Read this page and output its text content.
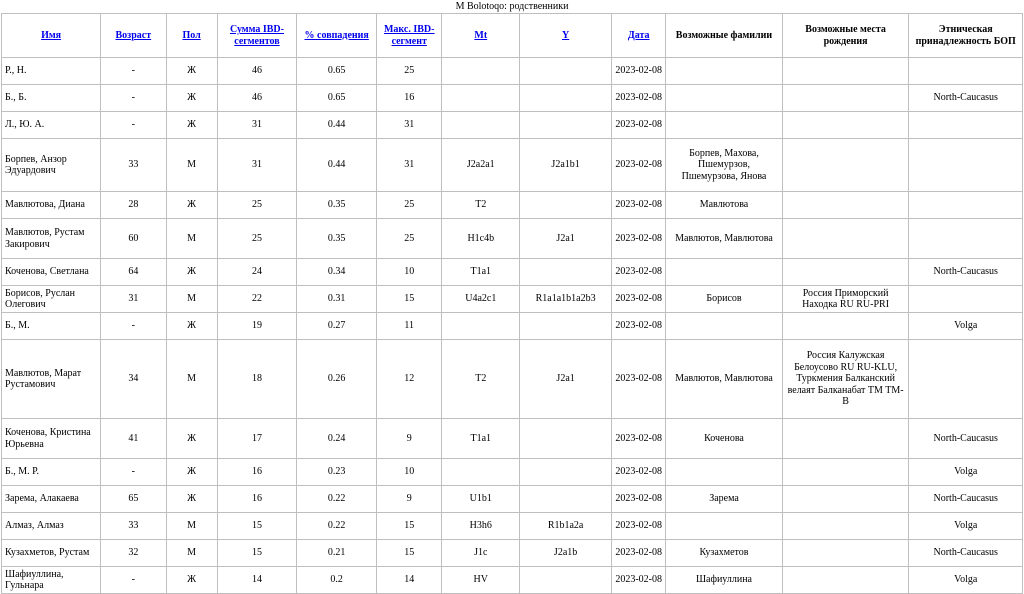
M Bolotoqo: родственники
Имя	Возраст	Пол	Сумма IBD-сегментов	% совпадения	Макс. IBD-сегмент	Mt	Y	Дата	Возможные фамилии	Возможные места рождения	Этническая принадлежность БОП
Р., Н.	-	Ж	46	0.65	25			2023-02-08			
Б., Б.	-	Ж	46	0.65	16			2023-02-08			North-Caucasus
Л., Ю. А.	-	Ж	31	0.44	31			2023-02-08			
Борпев, Анзор Эдуардович	33	М	31	0.44	31	J2a2a1	J2a1b1	2023-02-08	Борпев, Махова, Пшемурзов, Пшемурзова, Янова		
Мавлютова, Диана	28	Ж	25	0.35	25	T2		2023-02-08	Мавлютова		
Мавлютов, Рустам Закирович	60	М	25	0.35	25	H1c4b	J2a1	2023-02-08	Мавлютов, Мавлютова		
Коченова, Светлана	64	Ж	24	0.34	10	T1a1		2023-02-08			North-Caucasus
Борисов, Руслан Олегович	31	М	22	0.31	15	U4a2c1	R1a1a1b1a2b3	2023-02-08	Борисов	Россия Приморский Находка RU RU-PRI	
Б., М.	-	Ж	19	0.27	11			2023-02-08			Volga
Мавлютов, Марат Рустамович	34	М	18	0.26	12	T2	J2a1	2023-02-08	Мавлютов, Мавлютова	Россия Калужская Белоусово RU RU-KLU, Туркмения Балканский велаят Балканабат TM TM-B	
Коченова, Кристина Юрьевна	41	Ж	17	0.24	9	T1a1		2023-02-08	Коченова		North-Caucasus
Б., М. Р.	-	Ж	16	0.23	10			2023-02-08			Volga
Зарема, Алакаева	65	Ж	16	0.22	9	U1b1		2023-02-08	Зарема		North-Caucasus
Алмаз, Алмаз	33	М	15	0.22	15	H3h6	R1b1a2a	2023-02-08			Volga
Кузахметов, Рустам	32	М	15	0.21	15	J1c	J2a1b	2023-02-08	Кузахметов		North-Caucasus
Шафиуллина, Гульнара	-	Ж	14	0.2	14	HV		2023-02-08	Шафиуллина		Volga
